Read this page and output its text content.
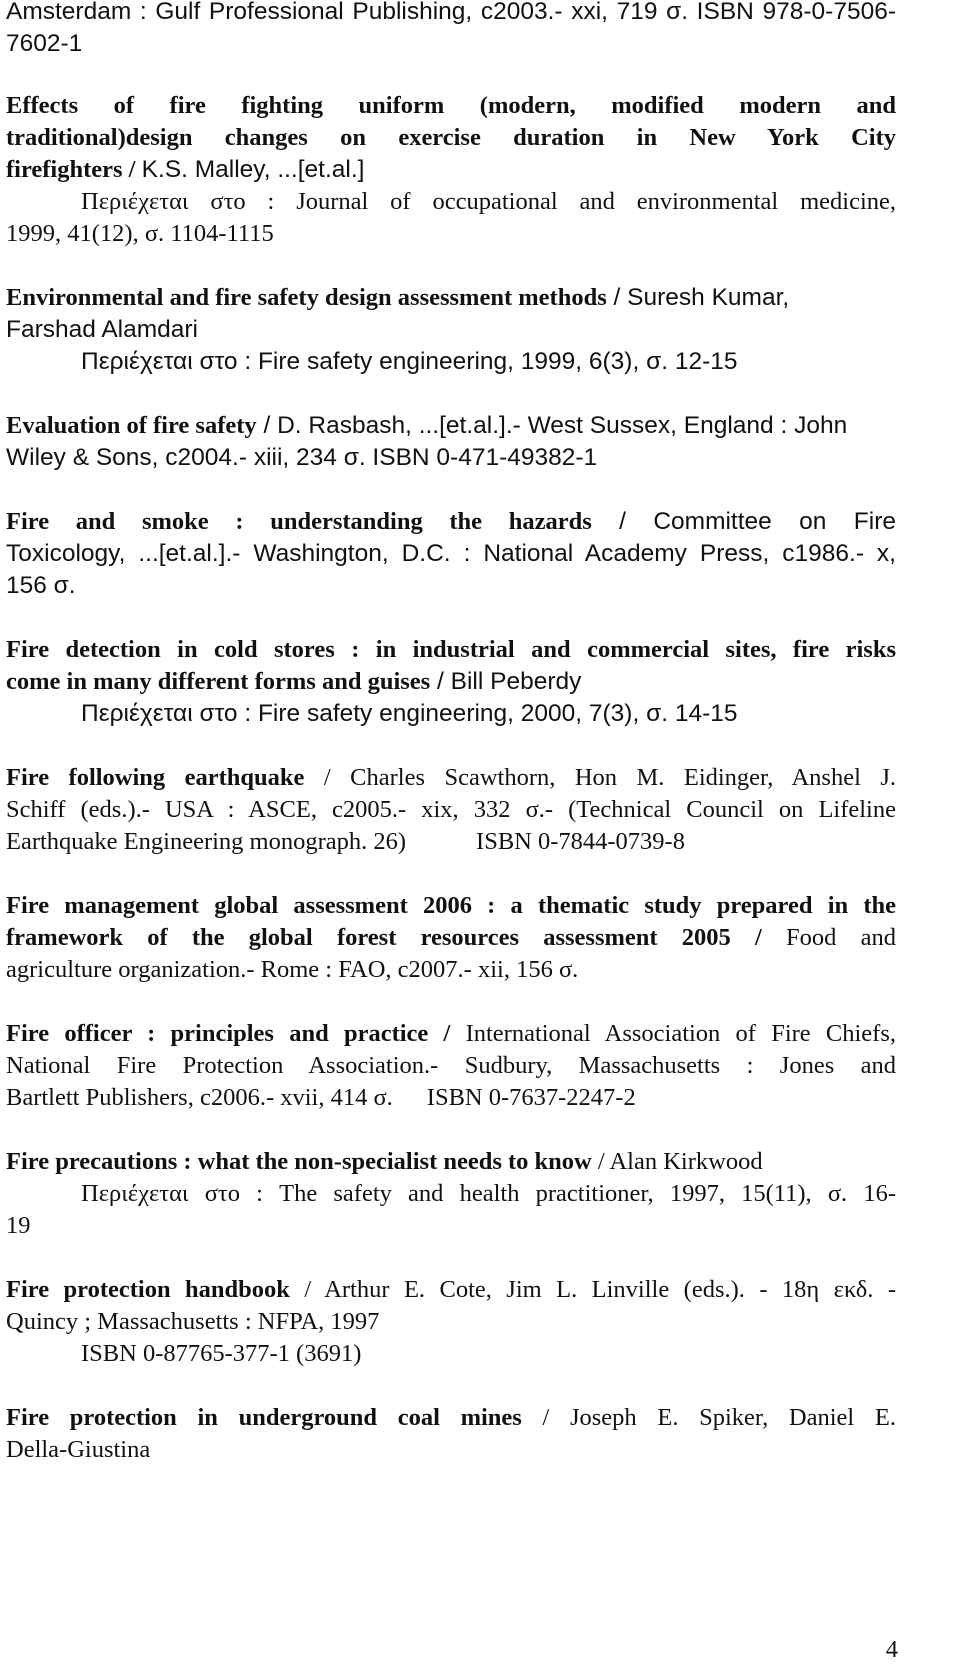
Amsterdam : Gulf Professional Publishing, c2003.- xxi, 719 σ. ISBN 978-0-7506-
7602-1
Effects of fire fighting uniform (modern, modified modern and
traditional)design changes on exercise duration in New York City
firefighters / K.S. Malley, ...[et.al.]
Περιέχεται στο : Journal of occupational and environmental medicine,
1999, 41(12), σ. 1104-1115
Environmental and fire safety design assessment methods / Suresh Kumar,
Farshad Alamdari
Περιέχεται στο : Fire safety engineering, 1999, 6(3), σ. 12-15
Evaluation of fire safety / D. Rasbash, ...[et.al.].- West Sussex, England : John
Wiley & Sons, c2004.- xiii, 234 σ. ISBN 0-471-49382-1
Fire and smoke : understanding the hazards / Committee on Fire
Toxicology, ...[et.al.].- Washington, D.C. : National Academy Press, c1986.- x,
156 σ.
Fire detection in cold stores : in industrial and commercial sites, fire risks
come in many different forms and guises / Bill Peberdy
Περιέχεται στο : Fire safety engineering, 2000, 7(3), σ. 14-15
Fire following earthquake / Charles Scawthorn, Hon M. Eidinger, Anshel J.
Schiff (eds.).- USA : ASCE, c2005.- xix, 332 σ.- (Technical Council on Lifeline
Earthquake Engineering monograph. 26)	ISBN 0-7844-0739-8
Fire management global assessment 2006 : a thematic study prepared in the
framework of the global forest resources assessment 2005 / Food and
agriculture organization.- Rome : FAO, c2007.- xii, 156 σ.
Fire officer : principles and practice / International Association of Fire Chiefs,
National Fire Protection Association.- Sudbury, Massachusetts : Jones and
Bartlett Publishers, c2006.- xvii, 414 σ. ISBN 0-7637-2247-2
Fire precautions : what the non-specialist needs to know / Alan Kirkwood
Περιέχεται στο : The safety and health practitioner, 1997, 15(11), σ. 16-
19
Fire protection handbook / Arthur E. Cote, Jim L. Linville (eds.). - 18η εκδ. -
Quincy ; Massachusetts : NFPA, 1997
ISBN 0-87765-377-1 (3691)
Fire protection in underground coal mines / Joseph E. Spiker, Daniel E.
Della-Giustina
4
